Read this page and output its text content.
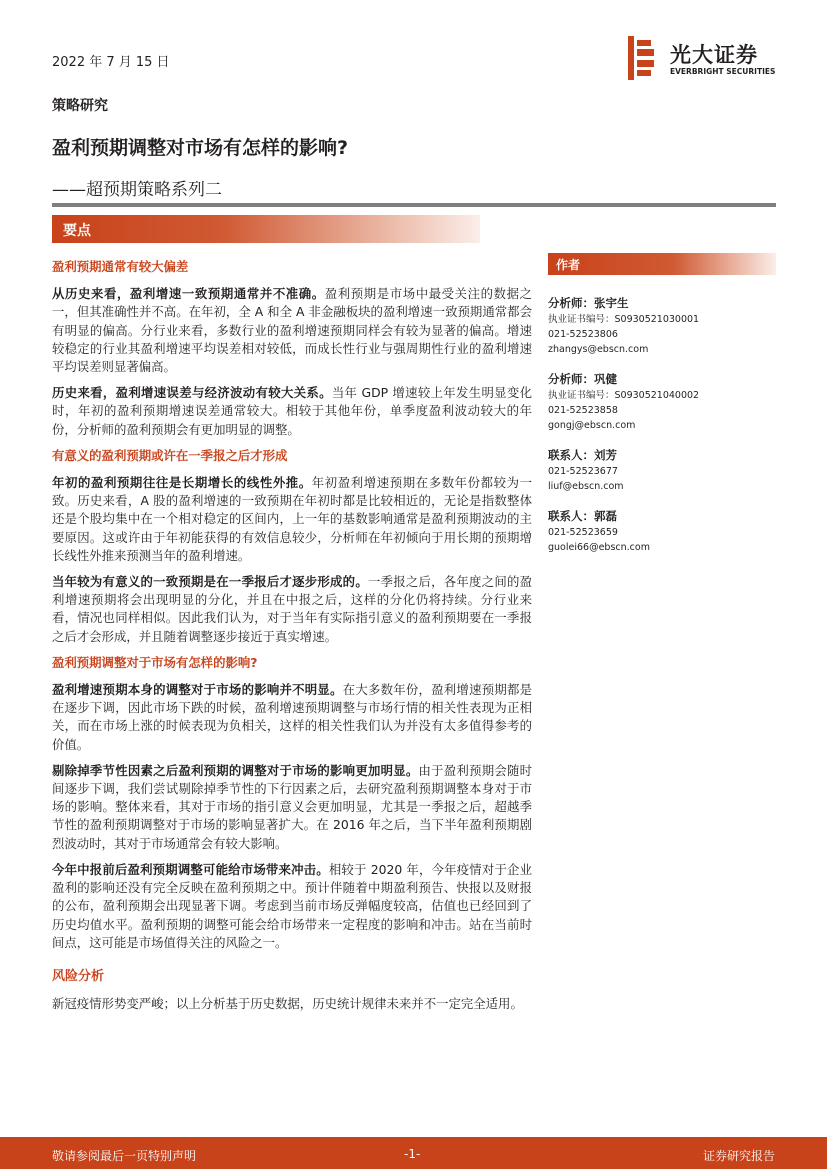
2022 年 7 月 15 日	光大证券
EVERBRIGHT SECURITIES
策略研究
盈利预期调整对市场有怎样的影响?
——超预期策略系列二
要点
盈利预期通常有较大偏差

从历史来看，盈利增速一致预期通常并不准确。盈利预期是市场中最受关注的数据之一，但其准确性并不高。在年初，全 A 和全 A 非金融板块的盈利增速一致预期通常都会有明显的偏高。分行业来看，多数行业的盈利增速预期同样会有较为显著的偏高。增速较稳定的行业其盈利增速平均误差相对较低，而成长性行业与强周期性行业的盈利增速平均误差则显著偏高。

历史来看，盈利增速误差与经济波动有较大关系。当年 GDP 增速较上年发生明显变化时，年初的盈利预期增速误差通常较大。相较于其他年份，单季度盈利波动较大的年份，分析师的盈利预期会有更加明显的调整。

有意义的盈利预期或许在一季报之后才形成

年初的盈利预期往往是长期增长的线性外推。年初盈利增速预期在多数年份都较为一致。历史来看，A 股的盈利增速的一致预期在年初时都是比较相近的，无论是指数整体还是个股均集中在一个相对稳定的区间内，上一年的基数影响通常是盈利预期波动的主要原因。这或许由于年初能获得的有效信息较少，分析师在年初倾向于用长期的预期增长线性外推来预测当年的盈利增速。

当年较为有意义的一致预期是在一季报后才逐步形成的。一季报之后，各年度之间的盈利增速预期将会出现明显的分化，并且在中报之后，这样的分化仍将持续。分行业来看，情况也同样相似。因此我们认为，对于当年有实际指引意义的盈利预期要在一季报之后才会形成，并且随着调整逐步接近于真实增速。

盈利预期调整对于市场有怎样的影响?

盈利增速预期本身的调整对于市场的影响并不明显。在大多数年份，盈利增速预期都是在逐步下调，因此市场下跌的时候，盈利增速预期调整与市场行情的相关性表现为正相关，而在市场上涨的时候表现为负相关，这样的相关性我们认为并没有太多值得参考的价值。

剔除掉季节性因素之后盈利预期的调整对于市场的影响更加明显。由于盈利预期会随时间逐步下调，我们尝试剔除掉季节性的下行因素之后，去研究盈利预期调整本身对于市场的影响。整体来看，其对于市场的指引意义会更加明显，尤其是一季报之后，超越季节性的盈利预期调整对于市场的影响显著扩大。在 2016 年之后，当下半年盈利预期剧烈波动时，其对于市场通常会有较大影响。

今年中报前后盈利预期调整可能给市场带来冲击。相较于 2020 年，今年疫情对于企业盈利的影响还没有完全反映在盈利预期之中。预计伴随着中期盈利预告、快报以及财报的公布，盈利预期会出现显著下调。考虑到当前市场反弹幅度较高，估值也已经回到了历史均值水平。盈利预期的调整可能会给市场带来一定程度的影响和冲击。站在当前时间点，这可能是市场值得关注的风险之一。

风险分析

新冠疫情形势变严峻；以上分析基于历史数据，历史统计规律未来并不一定完全适用。

作者
分析师：张宇生
执业证书编号：S0930521030001
021-52523806
zhangys@ebscn.com
分析师：巩健
执业证书编号：S0930521040002
021-52523858
gongj@ebscn.com
联系人：刘芳
021-52523677
liuf@ebscn.com
联系人：郭磊
021-52523659
guolei66@ebscn.com
敬请参阅最后一页特别声明	-1-	证券研究报告
